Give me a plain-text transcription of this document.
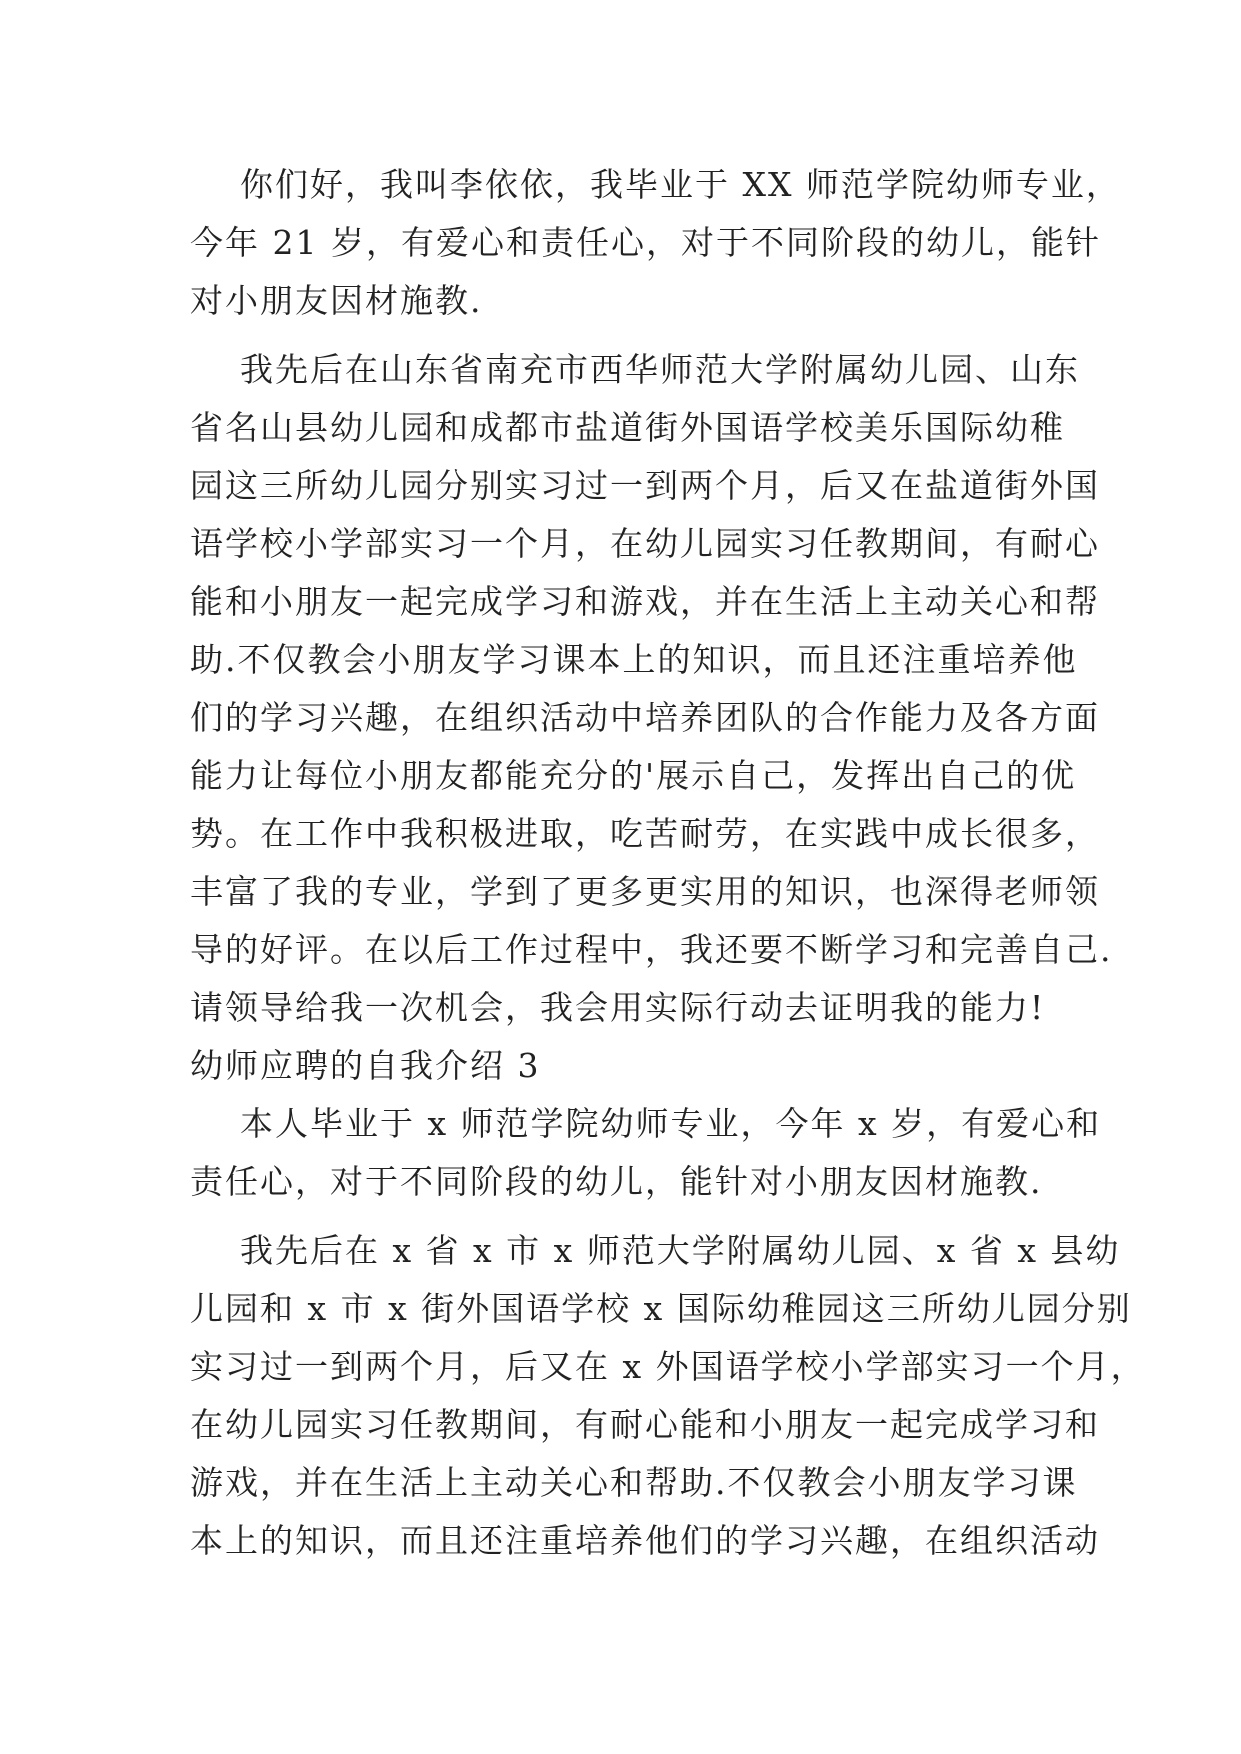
你们好，我叫李依依，我毕业于 XX 师范学院幼师专业，
今年 21 岁，有爱心和责任心，对于不同阶段的幼儿，能针
对小朋友因材施教.
我先后在山东省南充市西华师范大学附属幼儿园、山东
省名山县幼儿园和成都市盐道街外国语学校美乐国际幼稚
园这三所幼儿园分别实习过一到两个月，后又在盐道街外国
语学校小学部实习一个月，在幼儿园实习任教期间，有耐心
能和小朋友一起完成学习和游戏，并在生活上主动关心和帮
助.不仅教会小朋友学习课本上的知识，而且还注重培养他
们的学习兴趣，在组织活动中培养团队的合作能力及各方面
能力让每位小朋友都能充分的'展示自己，发挥出自己的优
势。在工作中我积极进取，吃苦耐劳，在实践中成长很多，
丰富了我的专业，学到了更多更实用的知识，也深得老师领
导的好评。在以后工作过程中，我还要不断学习和完善自己.
请领导给我一次机会，我会用实际行动去证明我的能力!
幼师应聘的自我介绍 3
本人毕业于 x 师范学院幼师专业，今年 x 岁，有爱心和
责任心，对于不同阶段的幼儿，能针对小朋友因材施教.
我先后在 x 省 x 市 x 师范大学附属幼儿园、x 省 x 县幼
儿园和 x 市 x 街外国语学校 x 国际幼稚园这三所幼儿园分别
实习过一到两个月，后又在 x 外国语学校小学部实习一个月，
在幼儿园实习任教期间，有耐心能和小朋友一起完成学习和
游戏，并在生活上主动关心和帮助.不仅教会小朋友学习课
本上的知识，而且还注重培养他们的学习兴趣，在组织活动
